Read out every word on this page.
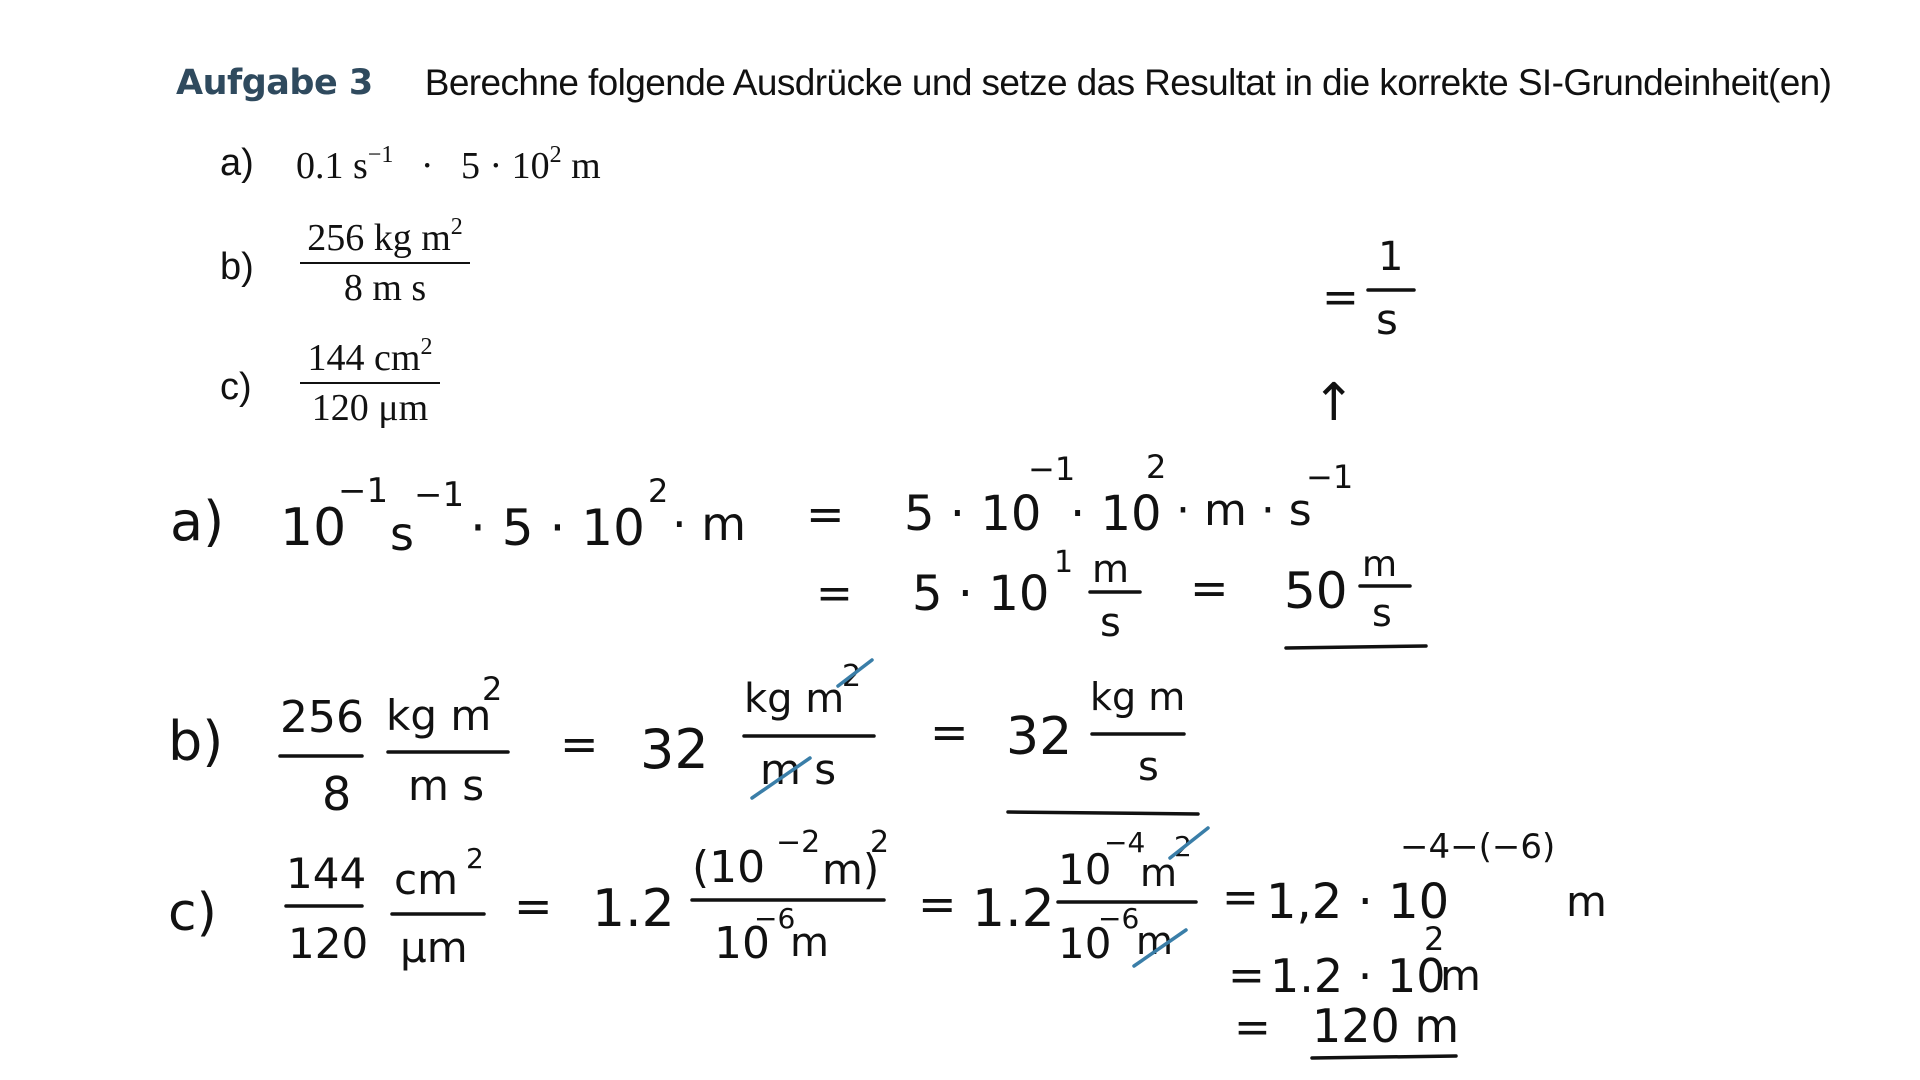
Aufgabe 3 Berechne folgende Ausdrücke und setze das Resultat in die korrekte SI-Grundeinheit(en)
a) 0.1 $s^{-1} \cdot 5 \cdot 10^2$ m
b)
256 kg $m^2$
8 m s
c)
144 $cm^2$
120 μm
=
1
s
↑
a) 10
−1
s
−1
· 5 · 10
2
· m = 5 · 10
−1
· 10
2
· m · s
−1
= 5 · 10
1 m
s
= 50 m
s
b) 256
8
kg m
2
m s
= 32
kg m
2
m s
= 32
kg m
s
c)
144
120
cm 2
μm
= 1.2
(10 −2
m)
2
10
−6
m
= 1.2
10
−4
m
2
10
−6
m
= 1,2 · 10
−4−(−6)
m
= 1.2 · 10
2
m
= 120 m
